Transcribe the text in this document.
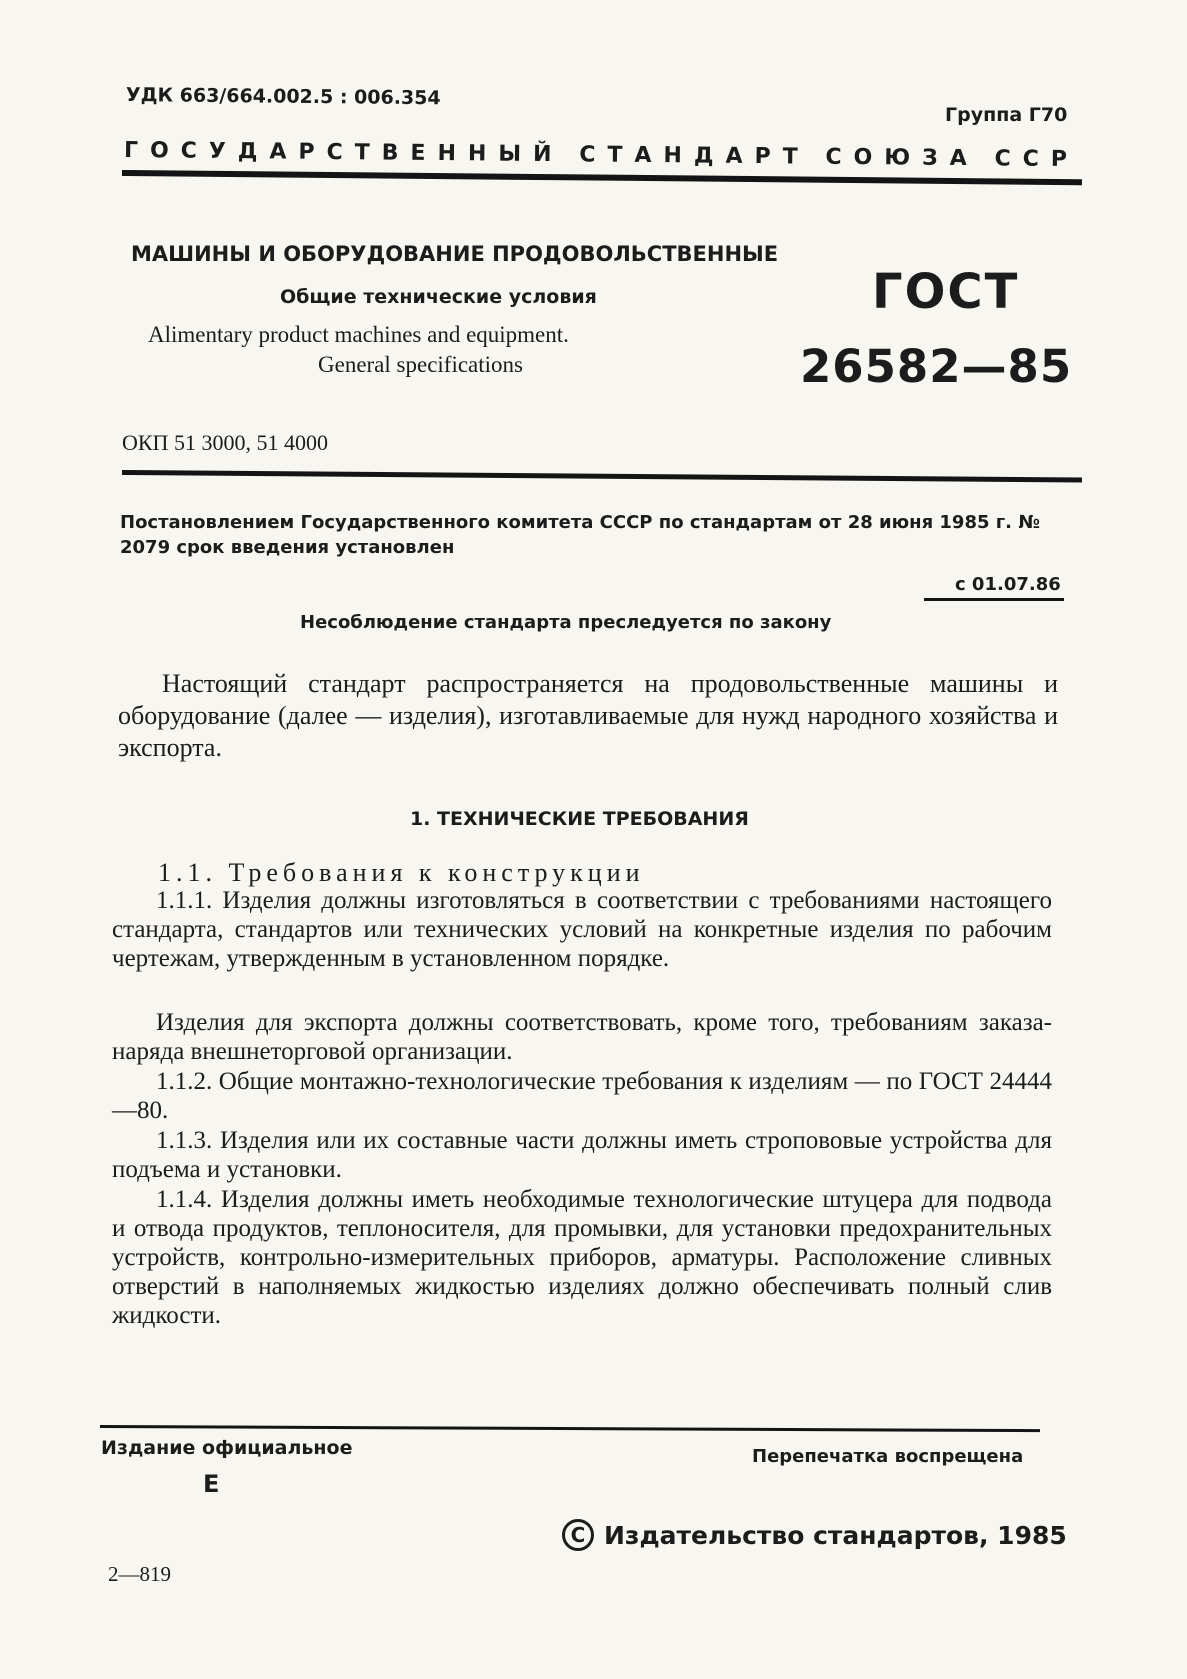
УДК 663/664.002.5 : 006.354
Группа Г70
ГОСУДАРСТВЕННЫЙ СТАНДАРТ СОЮЗА ССР
МАШИНЫ И ОБОРУДОВАНИЕ ПРОДОВОЛЬСТВЕННЫЕ
Общие технические условия
Alimentary product machines and equipment.
General specifications
ГОСТ
26582—85
ОКП 51 3000, 51 4000
Постановлением Государственного комитета СССР по стандартам от 28 июня 1985 г. № 2079 срок введения установлен
с 01.07.86
Несоблюдение стандарта преследуется по закону
Настоящий стандарт распространяется на продовольственные машины и оборудование (далее — изделия), изготавливаемые для нужд народного хозяйства и экспорта.
1. ТЕХНИЧЕСКИЕ ТРЕБОВАНИЯ
1.1. Требования к конструкции
1.1.1. Изделия должны изготовляться в соответствии с требованиями настоящего стандарта, стандартов или технических условий на конкретные изделия по рабочим чертежам, утвержденным в установленном порядке.
Изделия для экспорта должны соответствовать, кроме того, требованиям заказа-наряда внешнеторговой организации.
1.1.2. Общие монтажно-технологические требования к изделиям — по ГОСТ 24444—80.
1.1.3. Изделия или их составные части должны иметь стропововые устройства для подъема и установки.
1.1.4. Изделия должны иметь необходимые технологические штуцера для подвода и отвода продуктов, теплоносителя, для промывки, для установки предохранительных устройств, контрольно-измерительных приборов, арматуры. Расположение сливных отверстий в наполняемых жидкостью изделиях должно обеспечивать полный слив жидкости.
Издание официальное
E
Перепечатка воспрещена
C Издательство стандартов, 1985
2—819
